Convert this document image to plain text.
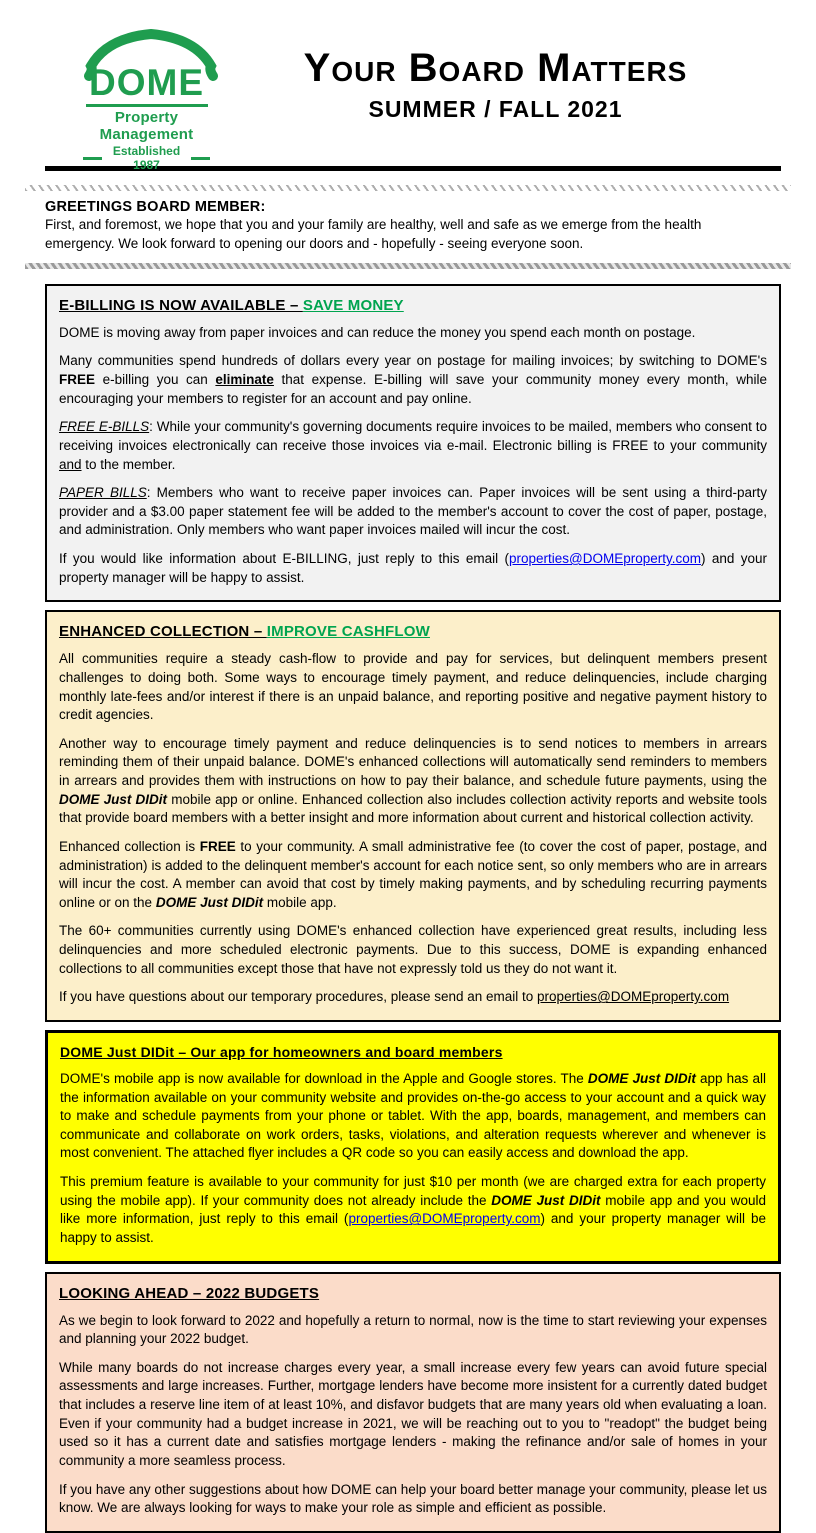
DOME
Property Management
Established 1987
Your Board Matters
SUMMER / FALL 2021
GREETINGS BOARD MEMBER:
First, and foremost, we hope that you and your family are healthy, well and safe as we emerge from the health emergency. We look forward to opening our doors and - hopefully - seeing everyone soon.
E-BILLING IS NOW AVAILABLE – SAVE MONEY

DOME is moving away from paper invoices and can reduce the money you spend each month on postage.

Many communities spend hundreds of dollars every year on postage for mailing invoices; by switching to DOME's FREE e-billing you can eliminate that expense. E-billing will save your community money every month, while encouraging your members to register for an account and pay online.

FREE E-BILLS: While your community's governing documents require invoices to be mailed, members who consent to receiving invoices electronically can receive those invoices via e-mail. Electronic billing is FREE to your community and to the member.

PAPER BILLS: Members who want to receive paper invoices can. Paper invoices will be sent using a third-party provider and a $3.00 paper statement fee will be added to the member's account to cover the cost of paper, postage, and administration. Only members who want paper invoices mailed will incur the cost.

If you would like information about E-BILLING, just reply to this email (properties@DOMEproperty.com) and your property manager will be happy to assist.

ENHANCED COLLECTION – IMPROVE CASHFLOW

All communities require a steady cash-flow to provide and pay for services, but delinquent members present challenges to doing both. Some ways to encourage timely payment, and reduce delinquencies, include charging monthly late-fees and/or interest if there is an unpaid balance, and reporting positive and negative payment history to credit agencies.

Another way to encourage timely payment and reduce delinquencies is to send notices to members in arrears reminding them of their unpaid balance. DOME's enhanced collections will automatically send reminders to members in arrears and provides them with instructions on how to pay their balance, and schedule future payments, using the DOME Just DIDit mobile app or online. Enhanced collection also includes collection activity reports and website tools that provide board members with a better insight and more information about current and historical collection activity.

Enhanced collection is FREE to your community. A small administrative fee (to cover the cost of paper, postage, and administration) is added to the delinquent member's account for each notice sent, so only members who are in arrears will incur the cost. A member can avoid that cost by timely making payments, and by scheduling recurring payments online or on the DOME Just DIDit mobile app.

The 60+ communities currently using DOME's enhanced collection have experienced great results, including less delinquencies and more scheduled electronic payments. Due to this success, DOME is expanding enhanced collections to all communities except those that have not expressly told us they do not want it.

If you have questions about our temporary procedures, please send an email to properties@DOMEproperty.com

DOME Just DIDit – Our app for homeowners and board members

DOME's mobile app is now available for download in the Apple and Google stores. The DOME Just DIDit app has all the information available on your community website and provides on-the-go access to your account and a quick way to make and schedule payments from your phone or tablet. With the app, boards, management, and members can communicate and collaborate on work orders, tasks, violations, and alteration requests wherever and whenever is most convenient. The attached flyer includes a QR code so you can easily access and download the app.

This premium feature is available to your community for just $10 per month (we are charged extra for each property using the mobile app). If your community does not already include the DOME Just DIDit mobile app and you would like more information, just reply to this email (properties@DOMEproperty.com) and your property manager will be happy to assist.

LOOKING AHEAD – 2022 BUDGETS

As we begin to look forward to 2022 and hopefully a return to normal, now is the time to start reviewing your expenses and planning your 2022 budget.

While many boards do not increase charges every year, a small increase every few years can avoid future special assessments and large increases. Further, mortgage lenders have become more insistent for a currently dated budget that includes a reserve line item of at least 10%, and disfavor budgets that are many years old when evaluating a loan. Even if your community had a budget increase in 2021, we will be reaching out to you to "readopt" the budget being used so it has a current date and satisfies mortgage lenders - making the refinance and/or sale of homes in your community a more seamless process.

If you have any other suggestions about how DOME can help your board better manage your community, please let us know. We are always looking for ways to make your role as simple and efficient as possible.
